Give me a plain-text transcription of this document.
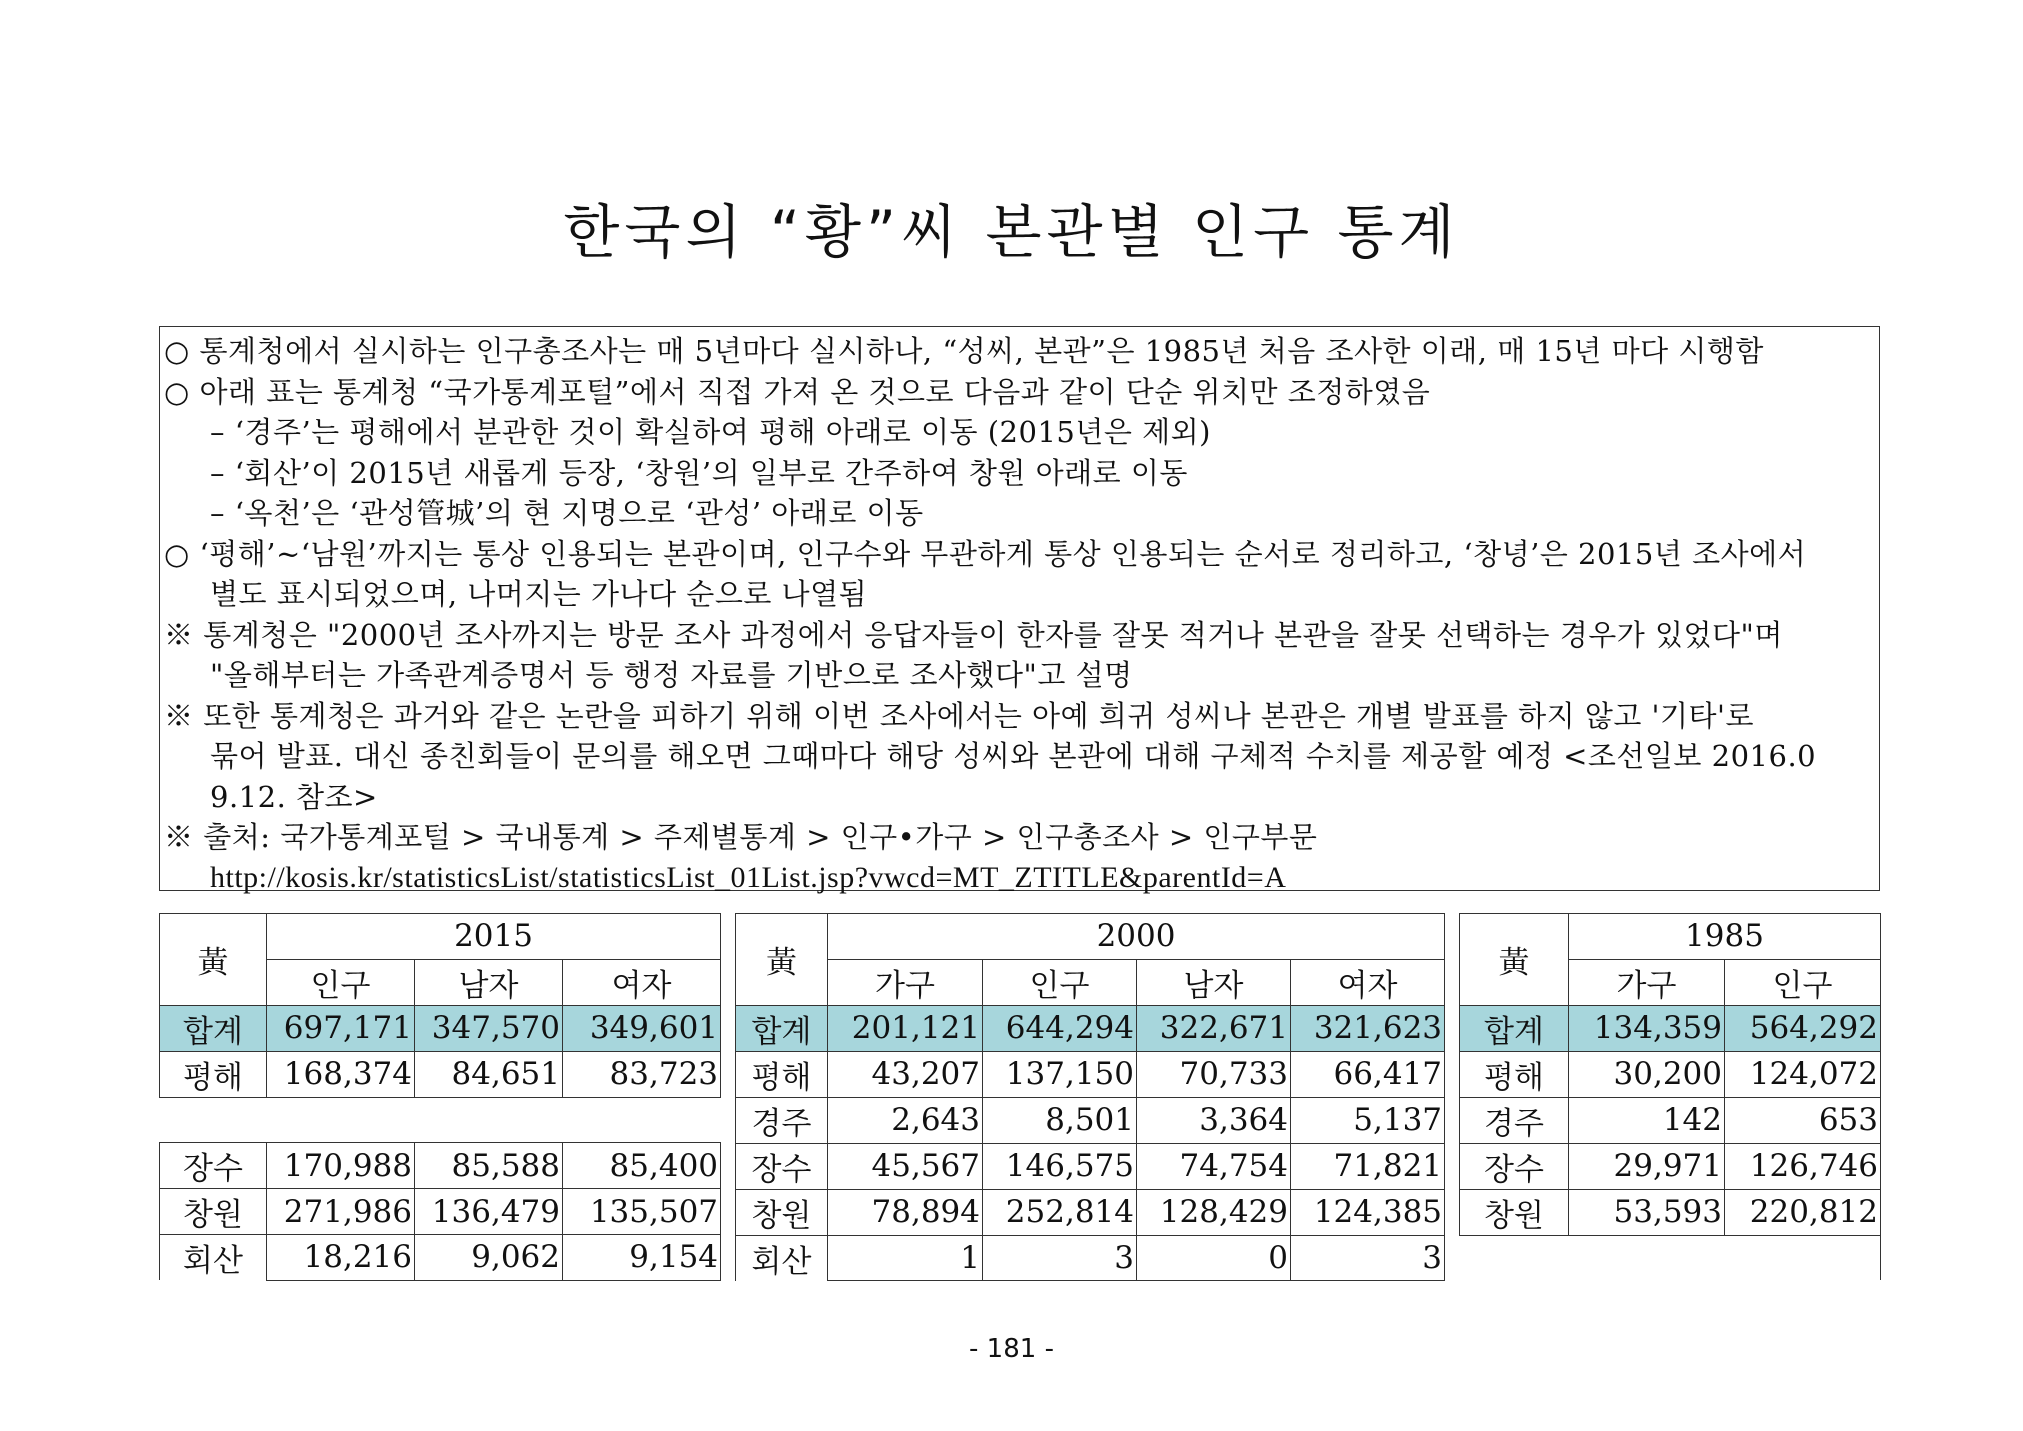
한국의 “황”씨 본관별 인구 통계
○ 통계청에서 실시하는 인구총조사는 매 5년마다 실시하나, “성씨, 본관”은 1985년 처음 조사한 이래, 매 15년 마다 시행함
○ 아래 표는 통계청 “국가통계포털”에서 직접 가져 온 것으로 다음과 같이 단순 위치만 조정하였음
– ‘경주’는 평해에서 분관한 것이 확실하여 평해 아래로 이동 (2015년은 제외)
– ‘회산’이 2015년 새롭게 등장, ‘창원’의 일부로 간주하여 창원 아래로 이동
– ‘옥천’은 ‘관성管城’의 현 지명으로 ‘관성’ 아래로 이동
○ ‘평해’~‘남원’까지는 통상 인용되는 본관이며, 인구수와 무관하게 통상 인용되는 순서로 정리하고, ‘창녕’은 2015년 조사에서
별도 표시되었으며, 나머지는 가나다 순으로 나열됨
※ 통계청은 "2000년 조사까지는 방문 조사 과정에서 응답자들이 한자를 잘못 적거나 본관을 잘못 선택하는 경우가 있었다"며
"올해부터는 가족관계증명서 등 행정 자료를 기반으로 조사했다"고 설명
※ 또한 통계청은 과거와 같은 논란을 피하기 위해 이번 조사에서는 아예 희귀 성씨나 본관은 개별 발표를 하지 않고 '기타'로
묶어 발표. 대신 종친회들이 문의를 해오면 그때마다 해당 성씨와 본관에 대해 구체적 수치를 제공할 예정 <조선일보 2016.0
9.12. 참조>
※ 출처: 국가통계포털 > 국내통계 > 주제별통계 > 인구•가구 > 인구총조사 > 인구부문
http://kosis.kr/statisticsList/statisticsList_01List.jsp?vwcd=MT_ZTITLE&parentId=A
黃	2015		
	인구	남자	여자
합계	697,171	347,570	349,601
평해	168,374	84,651	83,723

장수	170,988	85,588	85,400
창원	271,986	136,479	135,507
회산	18,216	9,062	9,154
黃	2000			
	가구	인구	남자	여자
합계	201,121	644,294	322,671	321,623
평해	43,207	137,150	70,733	66,417
경주	2,643	8,501	3,364	5,137
장수	45,567	146,575	74,754	71,821
창원	78,894	252,814	128,429	124,385
회산	1	3	0	3
黃	1985	
	가구	인구
합계	134,359	564,292
평해	30,200	124,072
경주	142	653
장수	29,971	126,746
창원	53,593	220,812

- 181 -
